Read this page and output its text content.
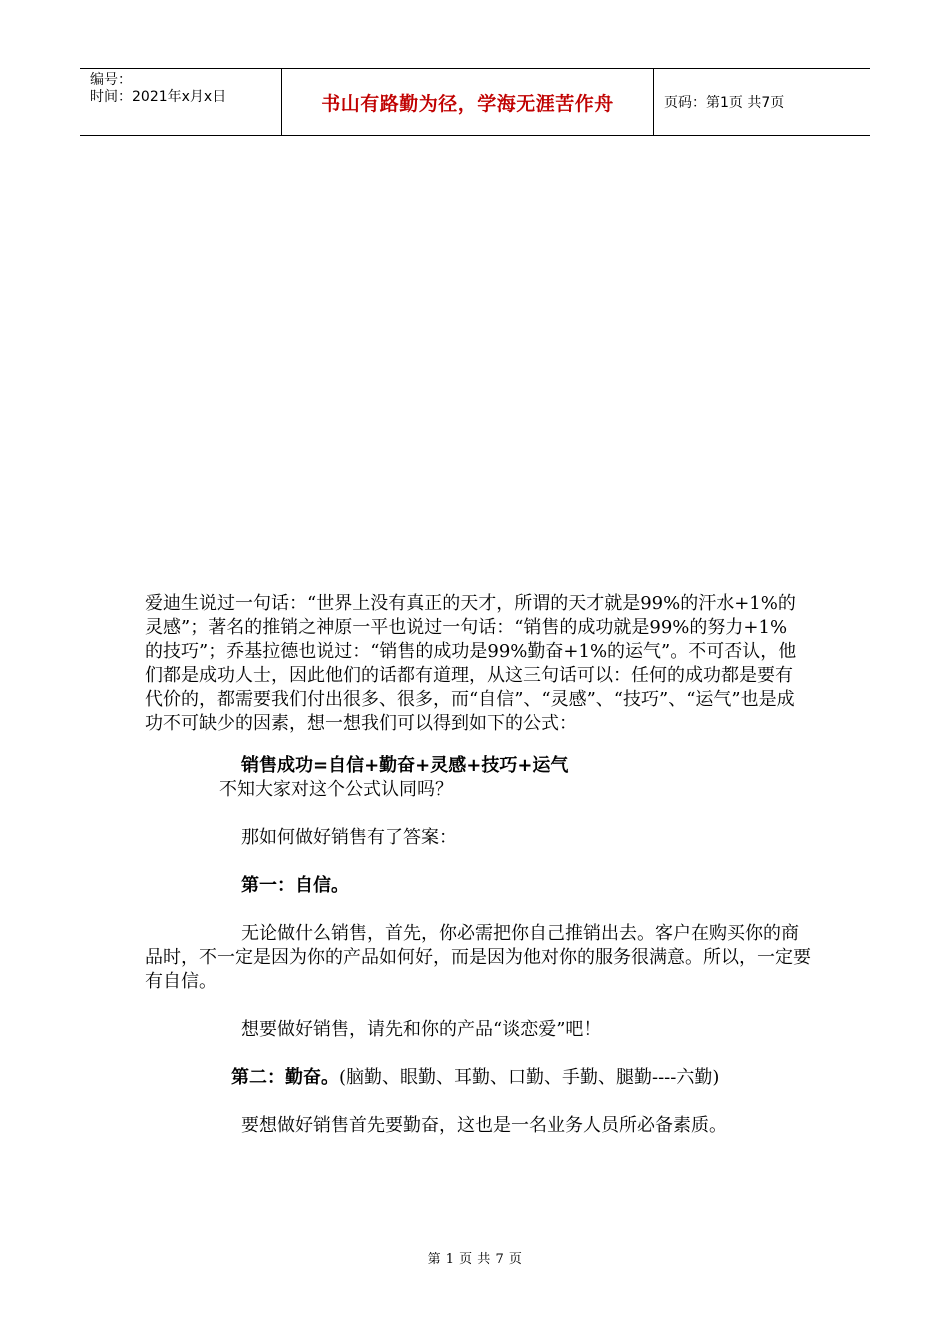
编号：
时间：2021年x月x日	书山有路勤为径，学海无涯苦作舟	页码：第1页 共7页

爱迪生说过一句话：“世界上没有真正的天才，所谓的天才就是99%的汗水+1%的灵感”；著名的推销之神原一平也说过一句话：“销售的成功就是99%的努力+1%的技巧”；乔基拉德也说过：“销售的成功是99%勤奋+1%的运气”。不可否认，他们都是成功人士，因此他们的话都有道理，从这三句话可以：任何的成功都是要有代价的，都需要我们付出很多、很多，而“自信”、“灵感”、“技巧”、“运气”也是成功不可缺少的因素，想一想我们可以得到如下的公式：

销售成功=自信+勤奋+灵感+技巧+运气

不知大家对这个公式认同吗？

那如何做好销售有了答案：

第一：自信。

无论做什么销售，首先，你必需把你自己推销出去。客户在购买你的商品时，不一定是因为你的产品如何好，而是因为他对你的服务很满意。所以，一定要有自信。

想要做好销售，请先和你的产品“谈恋爱”吧！

第二：勤奋。(脑勤、眼勤、耳勤、口勤、手勤、腿勤----六勤)

要想做好销售首先要勤奋，这也是一名业务人员所必备素质。

第 1 页 共 7 页
